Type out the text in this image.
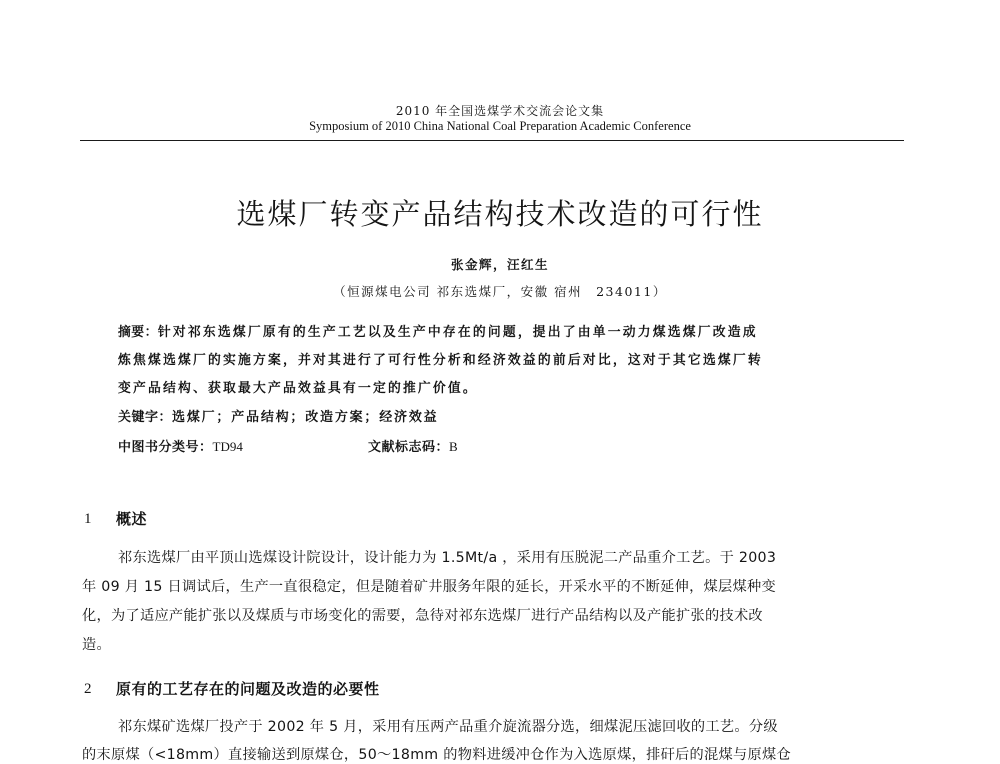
2010 年全国选煤学术交流会论文集
Symposium of 2010 China National Coal Preparation Academic Conference
选煤厂转变产品结构技术改造的可行性
张金辉，汪红生
（恒源煤电公司 祁东选煤厂，安徽 宿州　234011）
摘要：针对祁东选煤厂原有的生产工艺以及生产中存在的问题，提出了由单一动力煤选煤厂改造成
炼焦煤选煤厂的实施方案，并对其进行了可行性分析和经济效益的前后对比，这对于其它选煤厂转
变产品结构、获取最大产品效益具有一定的推广价值。
关键字：选煤厂；产品结构；改造方案；经济效益
中图书分类号：TD94	文献标志码：B
1 概述
祁东选煤厂由平顶山选煤设计院设计，设计能力为 1.5Mt/a ，采用有压脱泥二产品重介工艺。于 2003
年 09 月 15 日调试后，生产一直很稳定，但是随着矿井服务年限的延长，开采水平的不断延伸，煤层煤种变
化，为了适应产能扩张以及煤质与市场变化的需要，急待对祁东选煤厂进行产品结构以及产能扩张的技术改
造。
2 原有的工艺存在的问题及改造的必要性
祁东煤矿选煤厂投产于 2002 年 5 月，采用有压两产品重介旋流器分选，细煤泥压滤回收的工艺。分级
的末原煤（<18mm）直接输送到原煤仓，50～18mm 的物料进缓冲仓作为入选原煤，排矸后的混煤与原煤仓
